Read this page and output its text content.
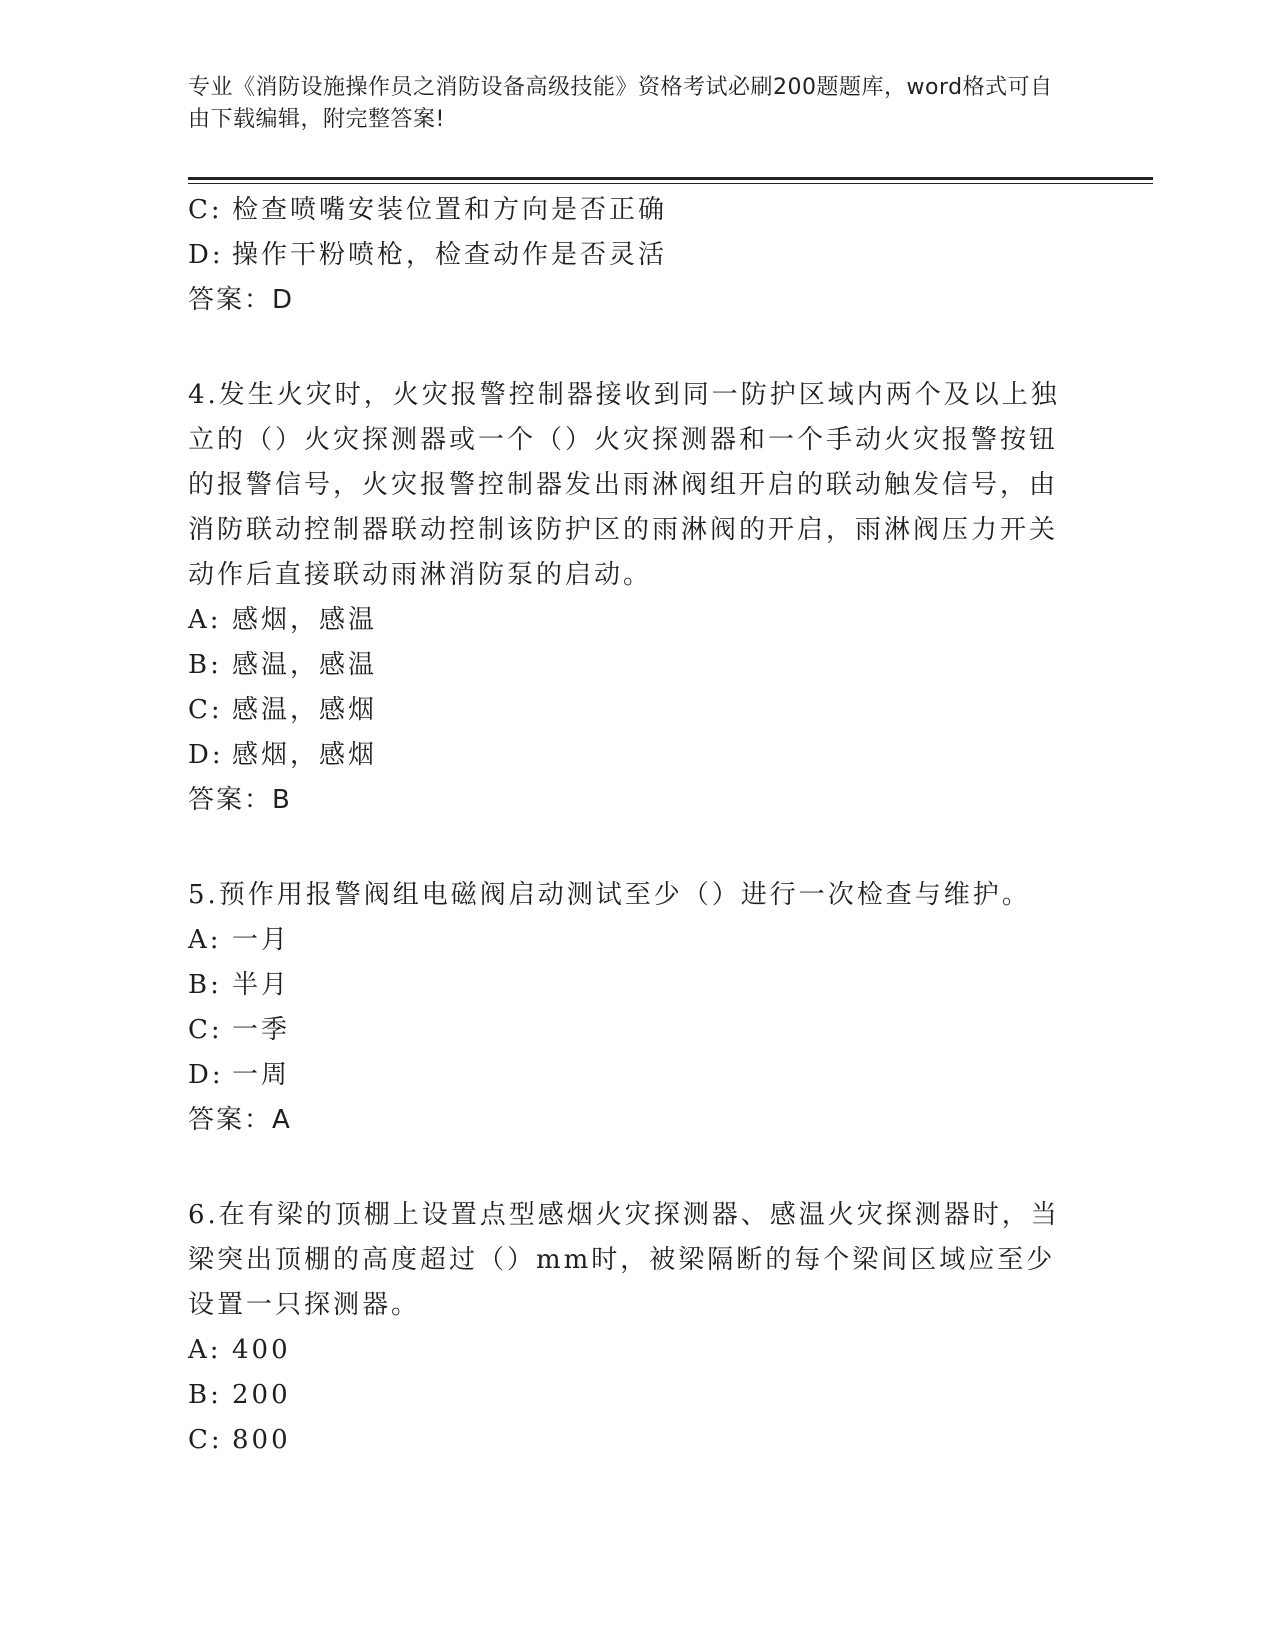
专业《消防设施操作员之消防设备高级技能》资格考试必刷200题题库，word格式可自由下载编辑，附完整答案!
C: 检查喷嘴安装位置和方向是否正确
D: 操作干粉喷枪，检查动作是否灵活
答案：D
4.发生火灾时，火灾报警控制器接收到同一防护区域内两个及以上独立的（）火灾探测器或一个（）火灾探测器和一个手动火灾报警按钮的报警信号，火灾报警控制器发出雨淋阀组开启的联动触发信号，由消防联动控制器联动控制该防护区的雨淋阀的开启，雨淋阀压力开关动作后直接联动雨淋消防泵的启动。
A: 感烟，感温
B: 感温，感温
C: 感温，感烟
D: 感烟，感烟
答案：B
5.预作用报警阀组电磁阀启动测试至少（）进行一次检查与维护。
A: 一月
B: 半月
C: 一季
D: 一周
答案：A
6.在有梁的顶棚上设置点型感烟火灾探测器、感温火灾探测器时，当梁突出顶棚的高度超过（）mm时，被梁隔断的每个梁间区域应至少设置一只探测器。
A: 400
B: 200
C: 800
